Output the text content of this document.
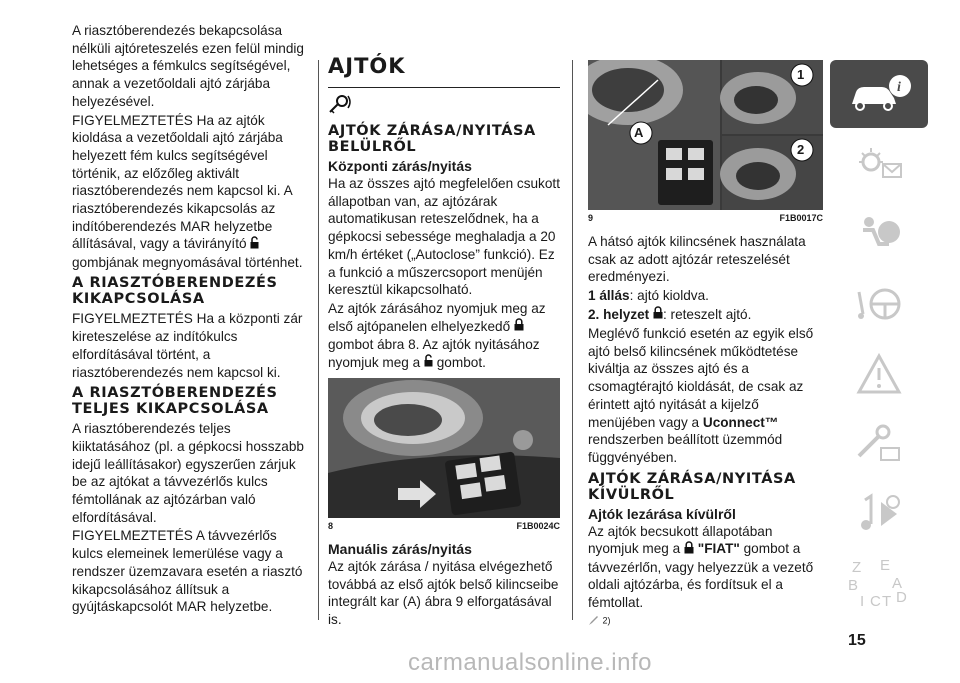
A riasztóberendezés bekapcsolása nélküli ajtóreteszelés ezen felül mindig lehetséges a fémkulcs segítségével, annak a vezetőoldali ajtó zárjába helyezésével.

FIGYELMEZTETÉS Ha az ajtók kioldása a vezetőoldali ajtó zárjába helyezett fém kulcs segítségével történik, az előzőleg aktivált riasztóberendezés nem kapcsol ki. A riasztóberendezés kikapcsolás az indítóberendezés MAR helyzetbe állításával, vagy a távirányító  gombjának megnyomásával történhet.

A RIASZTÓBERENDEZÉS KIKAPCSOLÁSA

FIGYELMEZTETÉS Ha a központi zár kireteszelése az indítókulcs elfordításával történt, a riasztóberendezés nem kapcsol ki.

A RIASZTÓBERENDEZÉS TELJES KIKAPCSOLÁSA

A riasztóberendezés teljes kiiktatásához (pl. a gépkocsi hosszabb idejű leállításakor) egyszerűen zárjuk be az ajtókat a távvezérlős kulcs fémtollának az ajtózárban való elfordításával.

FIGYELMEZTETÉS A távvezérlős kulcs elemeinek lemerülése vagy a rendszer üzemzavara esetén a riasztó kikapcsolásához állítsuk a gyújtáskapcsolót MAR helyzetbe.

AJTÓK
AJTÓK ZÁRÁSA/NYITÁSA BELÜLRŐL
Központi zárás/nyitás

Ha az összes ajtó megfelelően csukott állapotban van, az ajtózárak automatikusan reteszelődnek, ha a gépkocsi sebessége meghaladja a 20 km/h értéket („Autoclose” funkció). Ez a funkció a műszercsoport menüjén keresztül kikapcsolható.

Az ajtók zárásához nyomjuk meg az első ajtópanelen elhelyezkedő  gombot ábra 8. Az ajtók nyitásához nyomjuk meg a gombot.

8	F1B0024C
Manuális zárás/nyitás

Az ajtók zárása / nyitása elvégezhető továbbá az első ajtók belső kilincseibe integrált kar (A) ábra 9 elforgatásával is.

A
1
2
9	F1B0017C

A hátsó ajtók kilincsének használata csak az adott ajtózár reteszelését eredményezi.

1 állás: ajtó kioldva.

2. helyzet : reteszelt ajtó.

Meglévő funkció esetén az egyik első ajtó belső kilincsének működtetése kiváltja az összes ajtó és a csomagtérajtó kioldását, de csak az érintett ajtó nyitását a kijelző menüjében vagy a Uconnect™ rendszerben beállított üzemmód függvényében.

AJTÓK ZÁRÁSA/NYITÁSA KÍVÜLRŐL
Ajtók lezárása kívülről

Az ajtók becsukott állapotában nyomjuk meg a "FIAT" gombot a távvezérlőn, vagy helyezzük a vezető oldali ajtózárba, és fordítsuk el a fémtollat.

2)
i
Z E
B A
I C T D
15
carmanualsonline.info
